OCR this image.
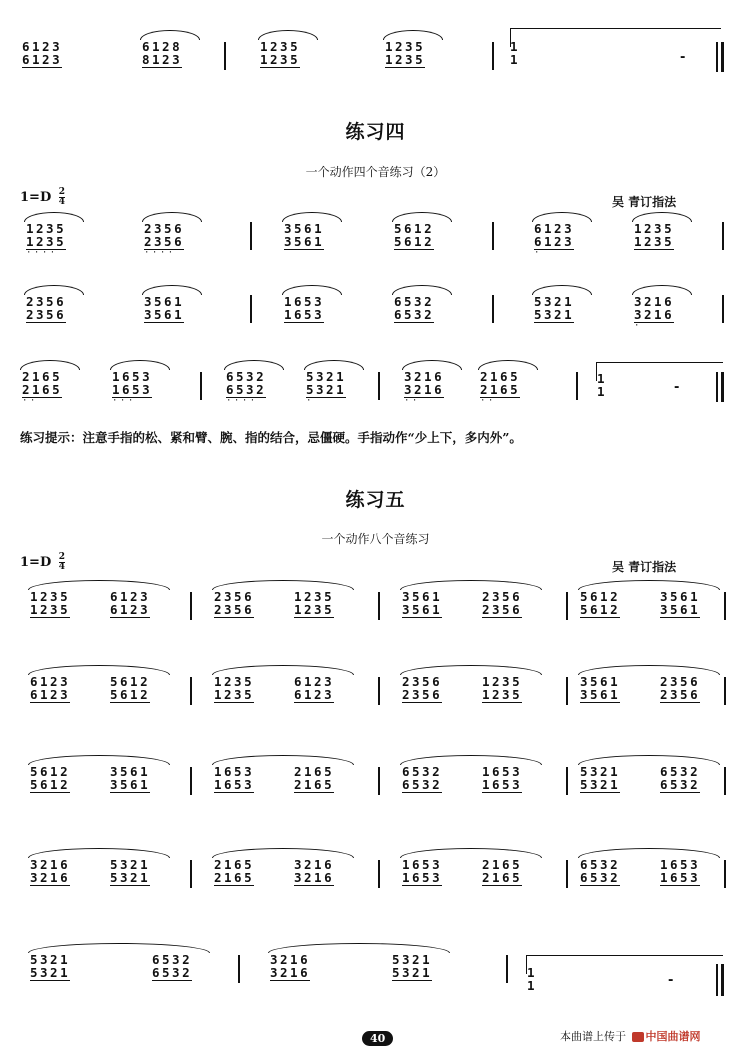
6123
6123
6128
8123
1235
1235
1235
1235
1
1	-
练习四
一个动作四个音练习（2）
$1=D \frac{2}{4}$	吴 青订指法
1235
1235
····
2356
2356
····
3561
3561
5612
5612
6123
6123
·
1235
1235
2356
2356
3561
3561
1653
1653
6532
6532
5321
5321
3216
3216
·
2165
2165
··
1653
1653
···
6532
6532
····
5321
5321
·
3216
3216
··
2165
2165
··
1
1	-
练习提示：注意手指的松、紧和臂、腕、指的结合，忌僵硬。手指动作“少上下，多内外”。
练习五
一个动作八个音练习
$1=D \frac{2}{4}$	吴 青订指法
1235
1235
6123
6123
2356
2356
1235
1235
3561
3561
2356
2356
5612
5612
3561
3561
6123
6123
5612
5612
1235
1235
6123
6123
2356
2356
1235
1235
3561
3561
2356
2356
5612
5612
3561
3561
1653
1653
2165
2165
6532
6532
1653
1653
5321
5321
6532
6532
3216
3216
5321
5321
2165
2165
3216
3216
1653
1653
2165
2165
6532
6532
1653
1653
5321
5321
6532
6532
3216
3216
5321
5321	1
1	-
40	本曲谱上传于 中国曲谱网
